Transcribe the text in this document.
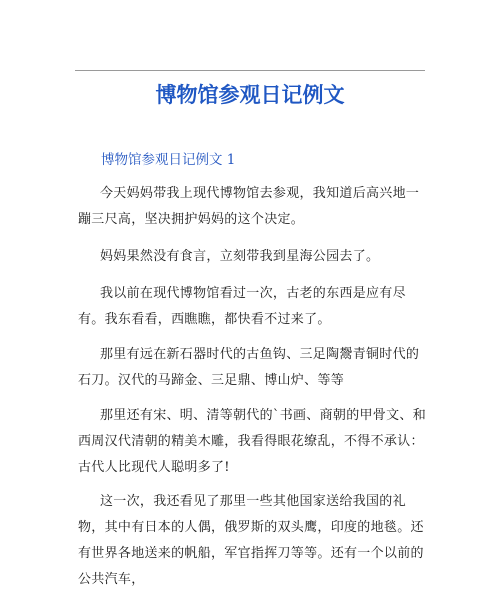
博物馆参观日记例文
博物馆参观日记例文 1

今天妈妈带我上现代博物馆去参观，我知道后高兴地一蹦三尺高，坚决拥护妈妈的这个决定。

妈妈果然没有食言，立刻带我到星海公园去了。

我以前在现代博物馆看过一次，古老的东西是应有尽有。我东看看，西瞧瞧，都快看不过来了。

那里有远在新石器时代的古鱼钩、三足陶鬶青铜时代的石刀。汉代的马蹄金、三足鼎、博山炉、等等

那里还有宋、明、清等朝代的`书画、商朝的甲骨文、和西周汉代清朝的精美木雕，我看得眼花缭乱，不得不承认：古代人比现代人聪明多了!

这一次，我还看见了那里一些其他国家送给我国的礼物，其中有日本的人偶，俄罗斯的双头鹰，印度的地毯。还有世界各地送来的帆船，军官指挥刀等等。还有一个以前的公共汽车，
